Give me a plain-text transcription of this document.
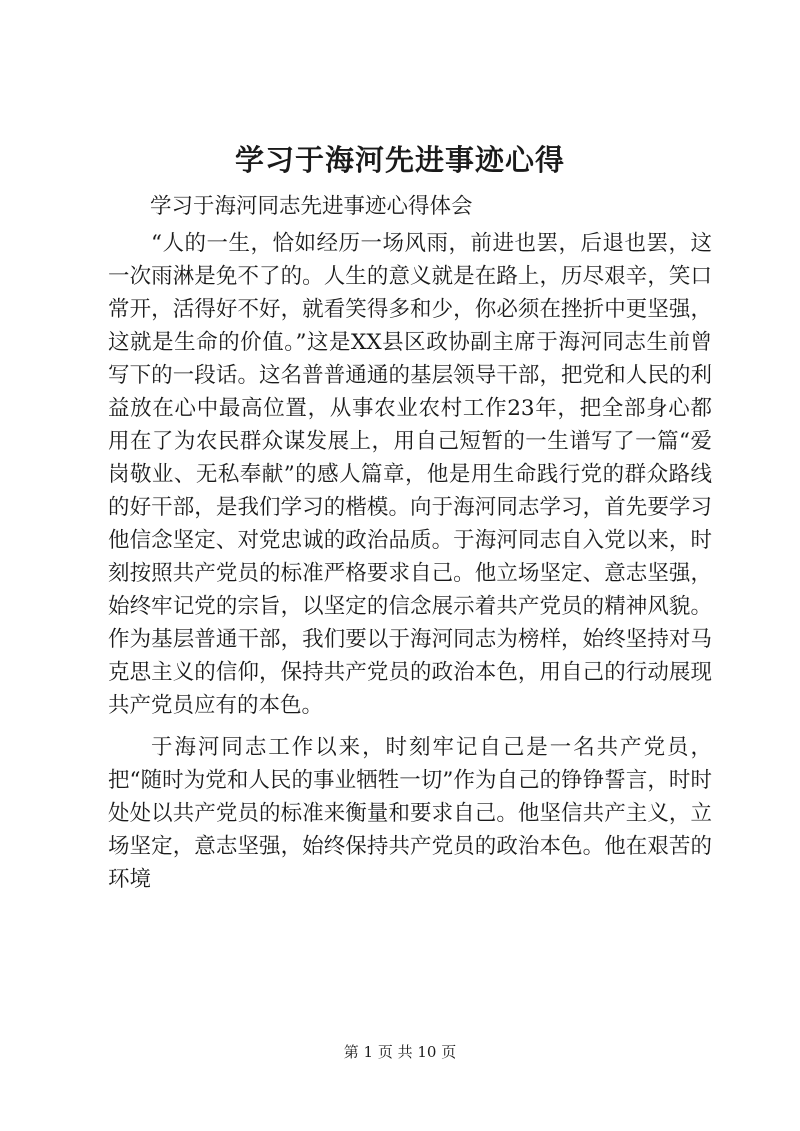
学习于海河先进事迹心得

学习于海河同志先进事迹心得体会

“人的一生，恰如经历一场风雨，前进也罢，后退也罢，这一次雨淋是免不了的。人生的意义就是在路上，历尽艰辛，笑口常开，活得好不好，就看笑得多和少，你必须在挫折中更坚强，这就是生命的价值。”这是XX县区政协副主席于海河同志生前曾写下的一段话。这名普普通通的基层领导干部，把党和人民的利益放在心中最高位置，从事农业农村工作23年，把全部身心都用在了为农民群众谋发展上，用自己短暂的一生谱写了一篇“爱岗敬业、无私奉献”的感人篇章，他是用生命践行党的群众路线的好干部，是我们学习的楷模。向于海河同志学习，首先要学习他信念坚定、对党忠诚的政治品质。于海河同志自入党以来，时刻按照共产党员的标准严格要求自己。他立场坚定、意志坚强，始终牢记党的宗旨，以坚定的信念展示着共产党员的精神风貌。作为基层普通干部，我们要以于海河同志为榜样，始终坚持对马克思主义的信仰，保持共产党员的政治本色，用自己的行动展现共产党员应有的本色。

于海河同志工作以来，时刻牢记自己是一名共产党员，把“随时为党和人民的事业牺牲一切”作为自己的铮铮誓言，时时处处以共产党员的标准来衡量和要求自己。他坚信共产主义，立场坚定，意志坚强，始终保持共产党员的政治本色。他在艰苦的环境

第 1 页 共 10 页
